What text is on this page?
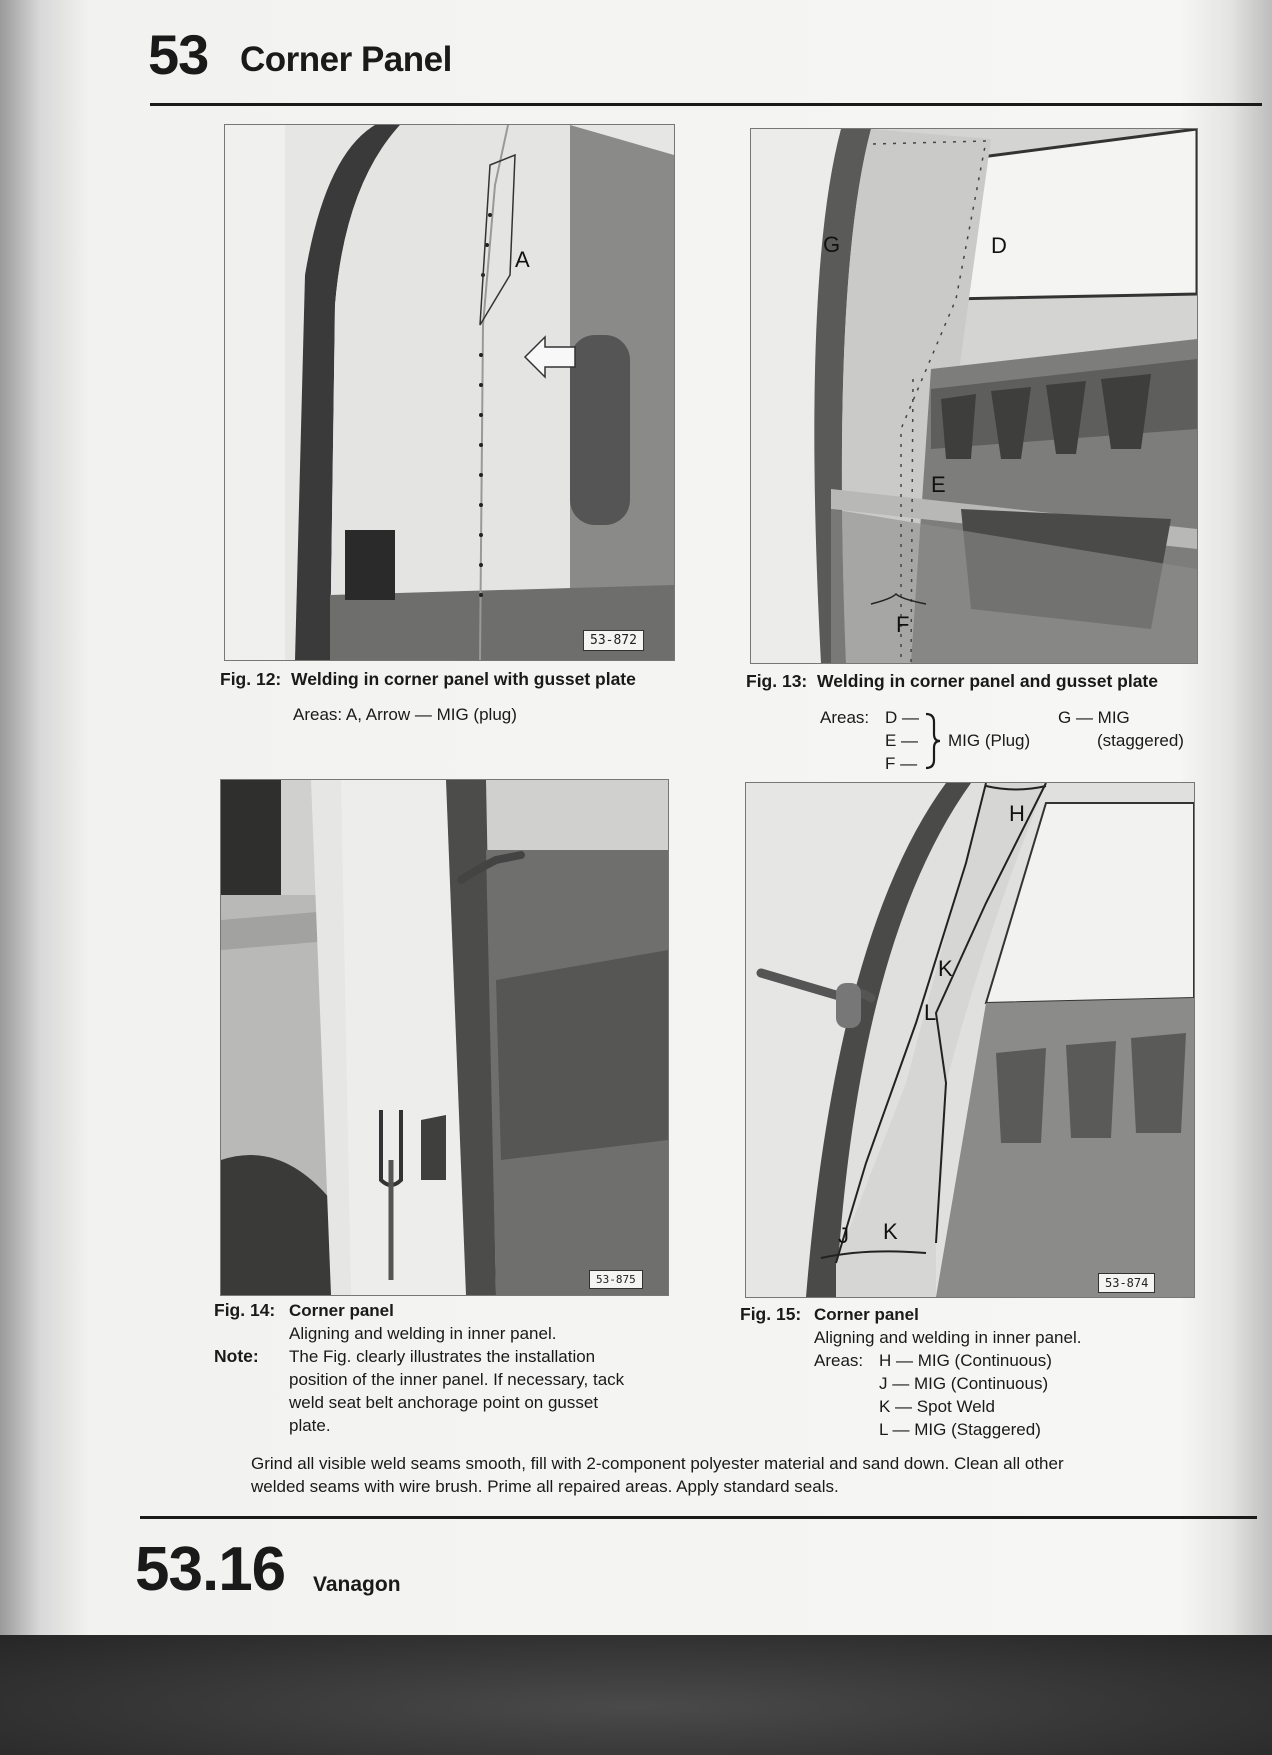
53 Corner Panel
A
53-872
G	D
E
F
53-875
H
K
L
J K
53-874
Fig. 12: Welding in corner panel with gusset plate
Areas: A, Arrow — MIG (plug)
Fig. 13: Welding in corner panel and gusset plate
Areas: D —
E —
F —
MIG (Plug)
G — MIG
(staggered)
Fig. 14: Corner panel
Aligning and welding in inner panel.
The Fig. clearly illustrates the installation
position of the inner panel. If necessary, tack
weld seat belt anchorage point on gusset
plate.
Note:
Fig. 15: Corner panel
Aligning and welding in inner panel.
Areas: H — MIG (Continuous)
J — MIG (Continuous)
K — Spot Weld
L — MIG (Staggered)
Grind all visible weld seams smooth, fill with 2-component polyester material and sand down. Clean all other
welded seams with wire brush. Prime all repaired areas. Apply standard seals.
53.16 Vanagon
